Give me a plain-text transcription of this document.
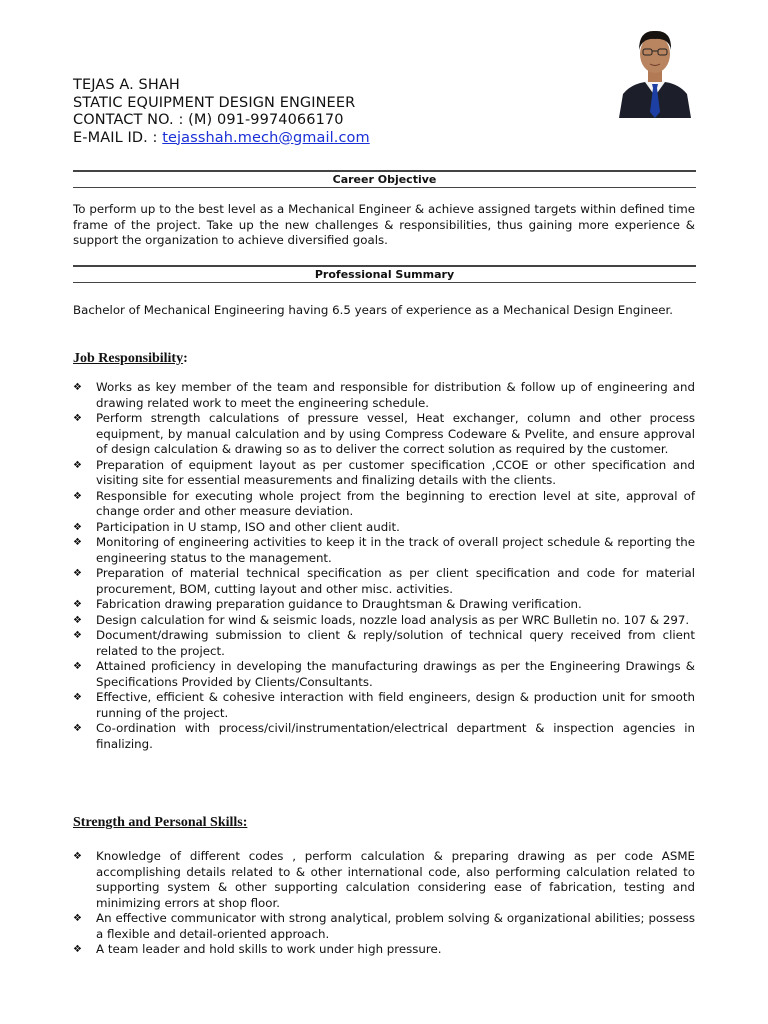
TEJAS A. SHAH
STATIC EQUIPMENT DESIGN ENGINEER
CONTACT NO. : (M) 091-9974066170
E-MAIL ID. : tejasshah.mech@gmail.com
Career Objective
To perform up to the best level as a Mechanical Engineer & achieve assigned targets within defined time frame of the project. Take up the new challenges & responsibilities, thus gaining more experience & support the organization to achieve diversified goals.
Professional Summary
Bachelor of Mechanical Engineering having 6.5 years of experience as a Mechanical Design Engineer.
Job Responsibility:
❖	Works as key member of the team and responsible for distribution & follow up of engineering and drawing related work to meet the engineering schedule.
❖	Perform strength calculations of pressure vessel, Heat exchanger, column and other process equipment, by manual calculation and by using Compress Codeware & Pvelite, and ensure approval of design calculation & drawing so as to deliver the correct solution as required by the customer.
❖	Preparation of equipment layout as per customer specification ,CCOE or other specification and visiting site for essential measurements and finalizing details with the clients.
❖	Responsible for executing whole project from the beginning to erection level at site, approval of change order and other measure deviation.
❖	Participation in U stamp, ISO and other client audit.
❖	Monitoring of engineering activities to keep it in the track of overall project schedule & reporting the engineering status to the management.
❖	Preparation of material technical specification as per client specification and code for material procurement, BOM, cutting layout and other misc. activities.
❖	Fabrication drawing preparation guidance to Draughtsman & Drawing verification.
❖	Design calculation for wind & seismic loads, nozzle load analysis as per WRC Bulletin no. 107 & 297.
❖	Document/drawing submission to client & reply/solution of technical query received from client related to the project.
❖	Attained proficiency in developing the manufacturing drawings as per the Engineering Drawings & Specifications Provided by Clients/Consultants.
❖	Effective, efficient & cohesive interaction with field engineers, design & production unit for smooth running of the project.
❖	Co-ordination with process/civil/instrumentation/electrical department & inspection agencies in finalizing.
Strength and Personal Skills:
❖	Knowledge of different codes , perform calculation & preparing drawing as per code ASME accomplishing details related to & other international code, also performing calculation related to supporting system & other supporting calculation considering ease of fabrication, testing and minimizing errors at shop floor.
❖	An effective communicator with strong analytical, problem solving & organizational abilities; possess a flexible and detail-oriented approach.
❖	A team leader and hold skills to work under high pressure.
